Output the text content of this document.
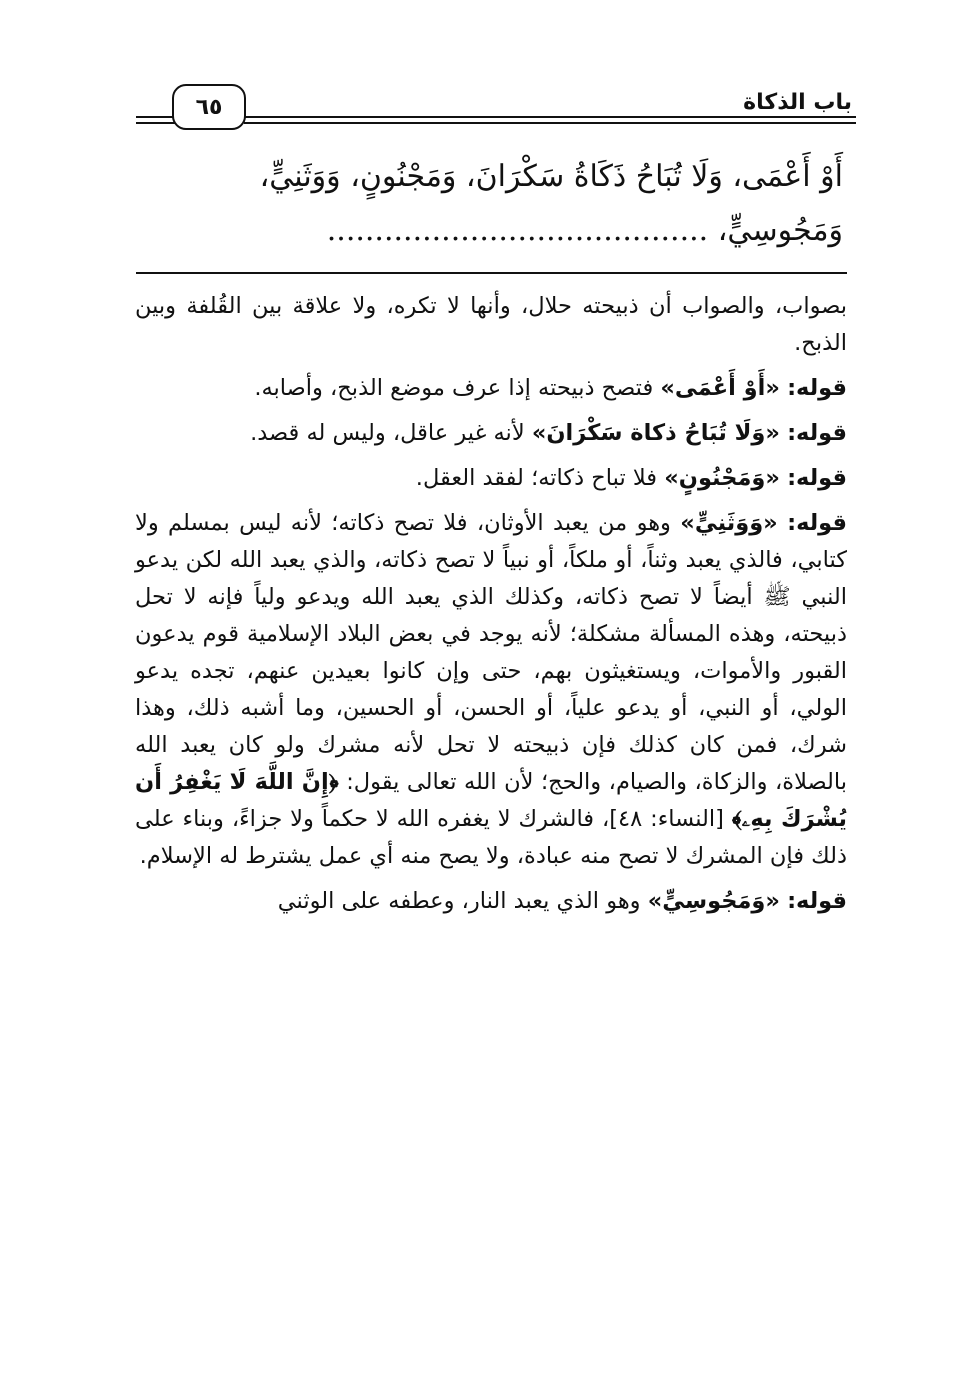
٦٥	باب الذكاة
أَوْ أَعْمَى، وَلَا تُبَاحُ ذَكَاةُ سَكْرَانَ، وَمَجْنُونٍ، وَوَثَنِيٍّ،
وَمَجُوسِيٍّ، ........................................

بصواب، والصواب أن ذبيحته حلال، وأنها لا تكره، ولا علاقة بين القُلفة وبين الذبح.

قوله: «أَوْ أَعْمَى» فتصح ذبيحته إذا عرف موضع الذبح، وأصابه.

قوله: «وَلَا تُبَاحُ ذكاة سَكْرَانَ» لأنه غير عاقل، وليس له قصد.

قوله: «وَمَجْنُونٍ» فلا تباح ذكاته؛ لفقد العقل.

قوله: «وَوَثَنِيٍّ» وهو من يعبد الأوثان، فلا تصح ذكاته؛ لأنه ليس بمسلم ولا كتابي، فالذي يعبد وثناً، أو ملكاً، أو نبياً لا تصح ذكاته، والذي يعبد الله لكن يدعو النبي ﷺ أيضاً لا تصح ذكاته، وكذلك الذي يعبد الله ويدعو ولياً فإنه لا تحل ذبيحته، وهذه المسألة مشكلة؛ لأنه يوجد في بعض البلاد الإسلامية قوم يدعون القبور والأموات، ويستغيثون بهم، حتى وإن كانوا بعيدين عنهم، تجده يدعو الولي، أو النبي، أو يدعو علياً، أو الحسن، أو الحسين، وما أشبه ذلك، وهذا شرك، فمن كان كذلك فإن ذبيحته لا تحل لأنه مشرك ولو كان يعبد الله بالصلاة، والزكاة، والصيام، والحج؛ لأن الله تعالى يقول: ﴿إِنَّ اللَّهَ لَا يَغْفِرُ أَن يُشْرَكَ بِهِۦ﴾ [النساء: ٤٨]، فالشرك لا يغفره الله لا حكماً ولا جزاءً، وبناء على ذلك فإن المشرك لا تصح منه عبادة، ولا يصح منه أي عمل يشترط له الإسلام.

قوله: «وَمَجُوسِيٍّ» وهو الذي يعبد النار، وعطفه على الوثني
